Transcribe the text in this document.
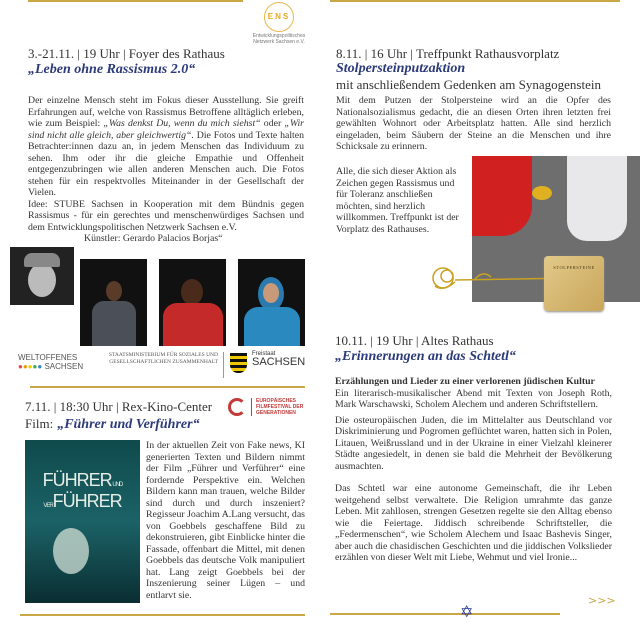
3.-21.11. | 19 Uhr | Foyer des Rathaus
„Leben ohne Rassismus 2.0“
ENS
Entwicklungspolitisches Netzwerk Sachsen e.V.

Der einzelne Mensch steht im Fokus dieser Ausstellung. Sie greift Erfahrungen auf, welche von Rassismus Betroffene alltäglich erleben, wie zum Beispiel: „Was denkst Du, wenn du mich siehst“ oder „Wir sind nicht alle gleich, aber gleichwertig“. Die Fotos und Texte halten Betrachter:innen dazu an, in jedem Menschen das Individuum zu sehen. Ihm oder ihr die gleiche Empathie und Offenheit entgegenzubringen wie allen anderen Menschen auch. Die Fotos stehen für ein respektvolles Miteinander in der Gesellschaft der Vielen.

Idee: STUBE Sachsen in Kooperation mit dem Bündnis gegen Rassismus - für ein gerechtes und menschenwürdiges Sachsen und dem Entwicklungspolitischen Netzwerk Sachsen e.V.

Künstler: Gerardo Palacios Borjas“

WELTOFFENES
●●●●● SACHSEN
STAATSMINISTERIUM FÜR SOZIALES UND GESELLSCHAFTLICHEN ZUSAMMENHALT
Freistaat
SACHSEN
7.11. | 18:30 Uhr | Rex-Kino-Center
Film: „Führer und Verführer“
EUROPÄISCHES FILMFESTIVAL DER GENERATIONEN
FÜHRER UND VERFÜHRER
In der aktuellen Zeit von Fake news, KI generierten Texten und Bildern nimmt der Film „Führer und Verführer“ eine fordernde Perspektive ein. Welchen Bildern kann man trauen, welche Bilder sind durch und durch inszeniert? Regisseur Joachim A.Lang versucht, das von Goebbels geschaffene Bild zu dekonstruieren, gibt Einblicke hinter die Fassade, offenbart die Mittel, mit denen Goebbels das deutsche Volk manipuliert hat. Lang zeigt Goebbels bei der Inszenierung seiner Lügen – und entlarvt sie.
8.11. | 16 Uhr | Treffpunkt Rathausvorplatz
Stolpersteinputzaktion
mit anschließendem Gedenken am Synagogenstein
Mit dem Putzen der Stolpersteine wird an die Opfer des Nationalsozialismus gedacht, die an diesen Orten ihren letzten frei gewählten Wohnort oder Arbeitsplatz hatten. Alle sind herzlich eingeladen, beim Säubern der Steine an die Menschen und ihre Schicksale zu erinnern.
Alle, die sich dieser Aktion als Zeichen gegen Rassismus und für Toleranz anschließen möchten, sind herzlich willkommen. Treffpunkt ist der Vorplatz des Rathauses.
STOLPERSTEINE
10.11. | 19 Uhr | Altes Rathaus
„Erinnerungen an das Schtetl“

Erzählungen und Lieder zu einer verlorenen jüdischen Kultur

Ein literarisch-musikalischer Abend mit Texten von Joseph Roth, Mark Warschawski, Scholem Alechem und anderen Schriftstellern.

Die osteuropäischen Juden, die im Mittelalter aus Deutschland vor Diskriminierung und Pogromen geflüchtet waren, hatten sich in Polen, Litauen, Weißrussland und in der Ukraine in einer Vielzahl kleinerer Städte angesiedelt, in denen sie bald die Mehrheit der Bevölkerung ausmachten.

Das Schtetl war eine autonome Gemeinschaft, die ihr Leben weitgehend selbst verwaltete. Die Religion umrahmte das ganze Leben. Mit zahllosen, strengen Gesetzen regelte sie den Alltag ebenso wie die Feiertage. Jiddisch schreibende Schriftsteller, die „Federmenschen“, wie Scholem Alechem und Isaac Bashevis Singer, aber auch die chasidischen Geschichten und die jiddischen Volkslieder erzählen von dieser Welt mit Liebe, Wehmut und viel Ironie...

>>>
✡
